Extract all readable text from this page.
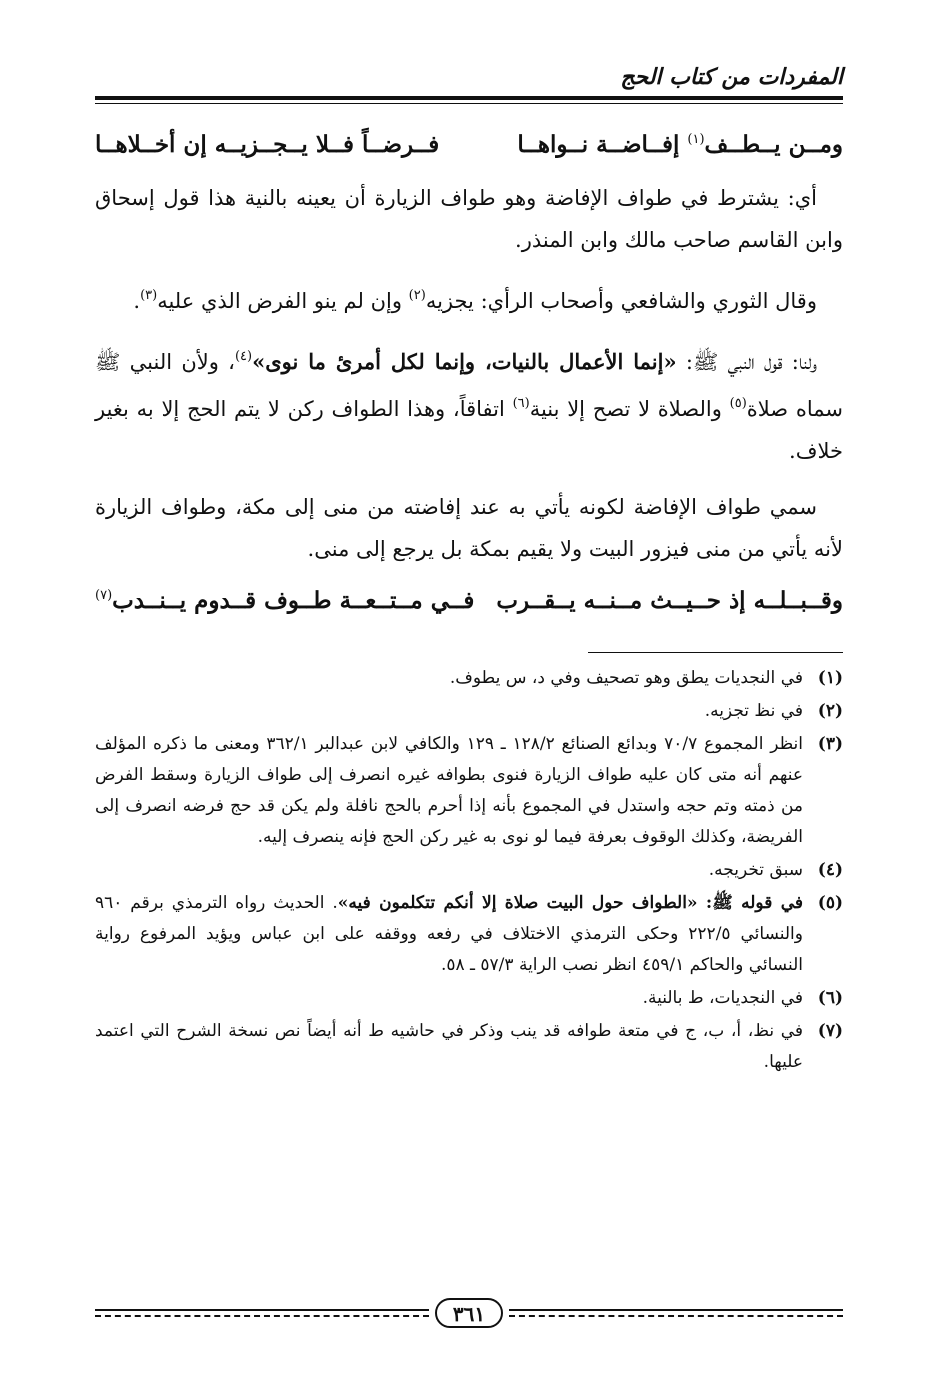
المفردات من كتاب الحج
ومــن يــطــف$^{(١)}$ إفــاضــة نــواهــا
فــرضــاً فــلا يــجــزيــه إن أخــلاهــا

أي: يشترط في طواف الإفاضة وهو طواف الزيارة أن يعينه بالنية هذا قول إسحاق وابن القاسم صاحب مالك وابن المنذر.

وقال الثوري والشافعي وأصحاب الرأي: يجزيه$^{(٢)}$ وإن لم ينو الفرض الذي عليه$^{(٣)}$.

ولنا: قول النبي ﷺ: «إنما الأعمال بالنيات، وإنما لكل أمرئ ما نوى»$^{(٤)}$، ولأن النبي ﷺ سماه صلاة$^{(٥)}$ والصلاة لا تصح إلا بنية$^{(٦)}$ اتفاقاً، وهذا الطواف ركن لا يتم الحج إلا به بغير خلاف.

سمي طواف الإفاضة لكونه يأتي به عند إفاضته من منى إلى مكة، وطواف الزيارة لأنه يأتي من منى فيزور البيت ولا يقيم بمكة بل يرجع إلى منى.

وقــبــلــه إذ حــيــث مــنــه يــقــرب
فــي مــتــعــة طــوف قــدوم يــنــدب$^{(٧)}$
(١)
في النجديات يطق وهو تصحيف وفي د، س يطوف.
(٢)
في نظ تجزيه.
(٣)
انظر المجموع ٧٠/٧ وبدائع الصنائع ١٢٨/٢ ـ ١٢٩ والكافي لابن عبدالبر ٣٦٢/١ ومعنى ما ذكره المؤلف عنهم أنه متى كان عليه طواف الزيارة فنوى بطوافه غيره انصرف إلى طواف الزيارة وسقط الفرض من ذمته وتم حجه واستدل في المجموع بأنه إذا أحرم بالحج نافلة ولم يكن قد حج فرضه انصرف إلى الفريضة، وكذلك الوقوف بعرفة فيما لو نوى به غير ركن الحج فإنه ينصرف إليه.
(٤)
سبق تخريجه.
(٥)
في قوله ﷺ: «الطواف حول البيت صلاة إلا أنكم تتكلمون فيه». الحديث رواه الترمذي برقم ٩٦٠ والنسائي ٢٢٢/٥ وحكى الترمذي الاختلاف في رفعه ووقفه على ابن عباس ويؤيد المرفوع رواية النسائي والحاكم ٤٥٩/١ انظر نصب الراية ٥٧/٣ ـ ٥٨.
(٦)
في النجديات، ط بالنية.
(٧)
في نظ، أ، ب، ج في متعة طوافه قد ينب وذكر في حاشيه ط أنه أيضاً نص نسخة الشرح التي اعتمد عليها.
٣٦١
